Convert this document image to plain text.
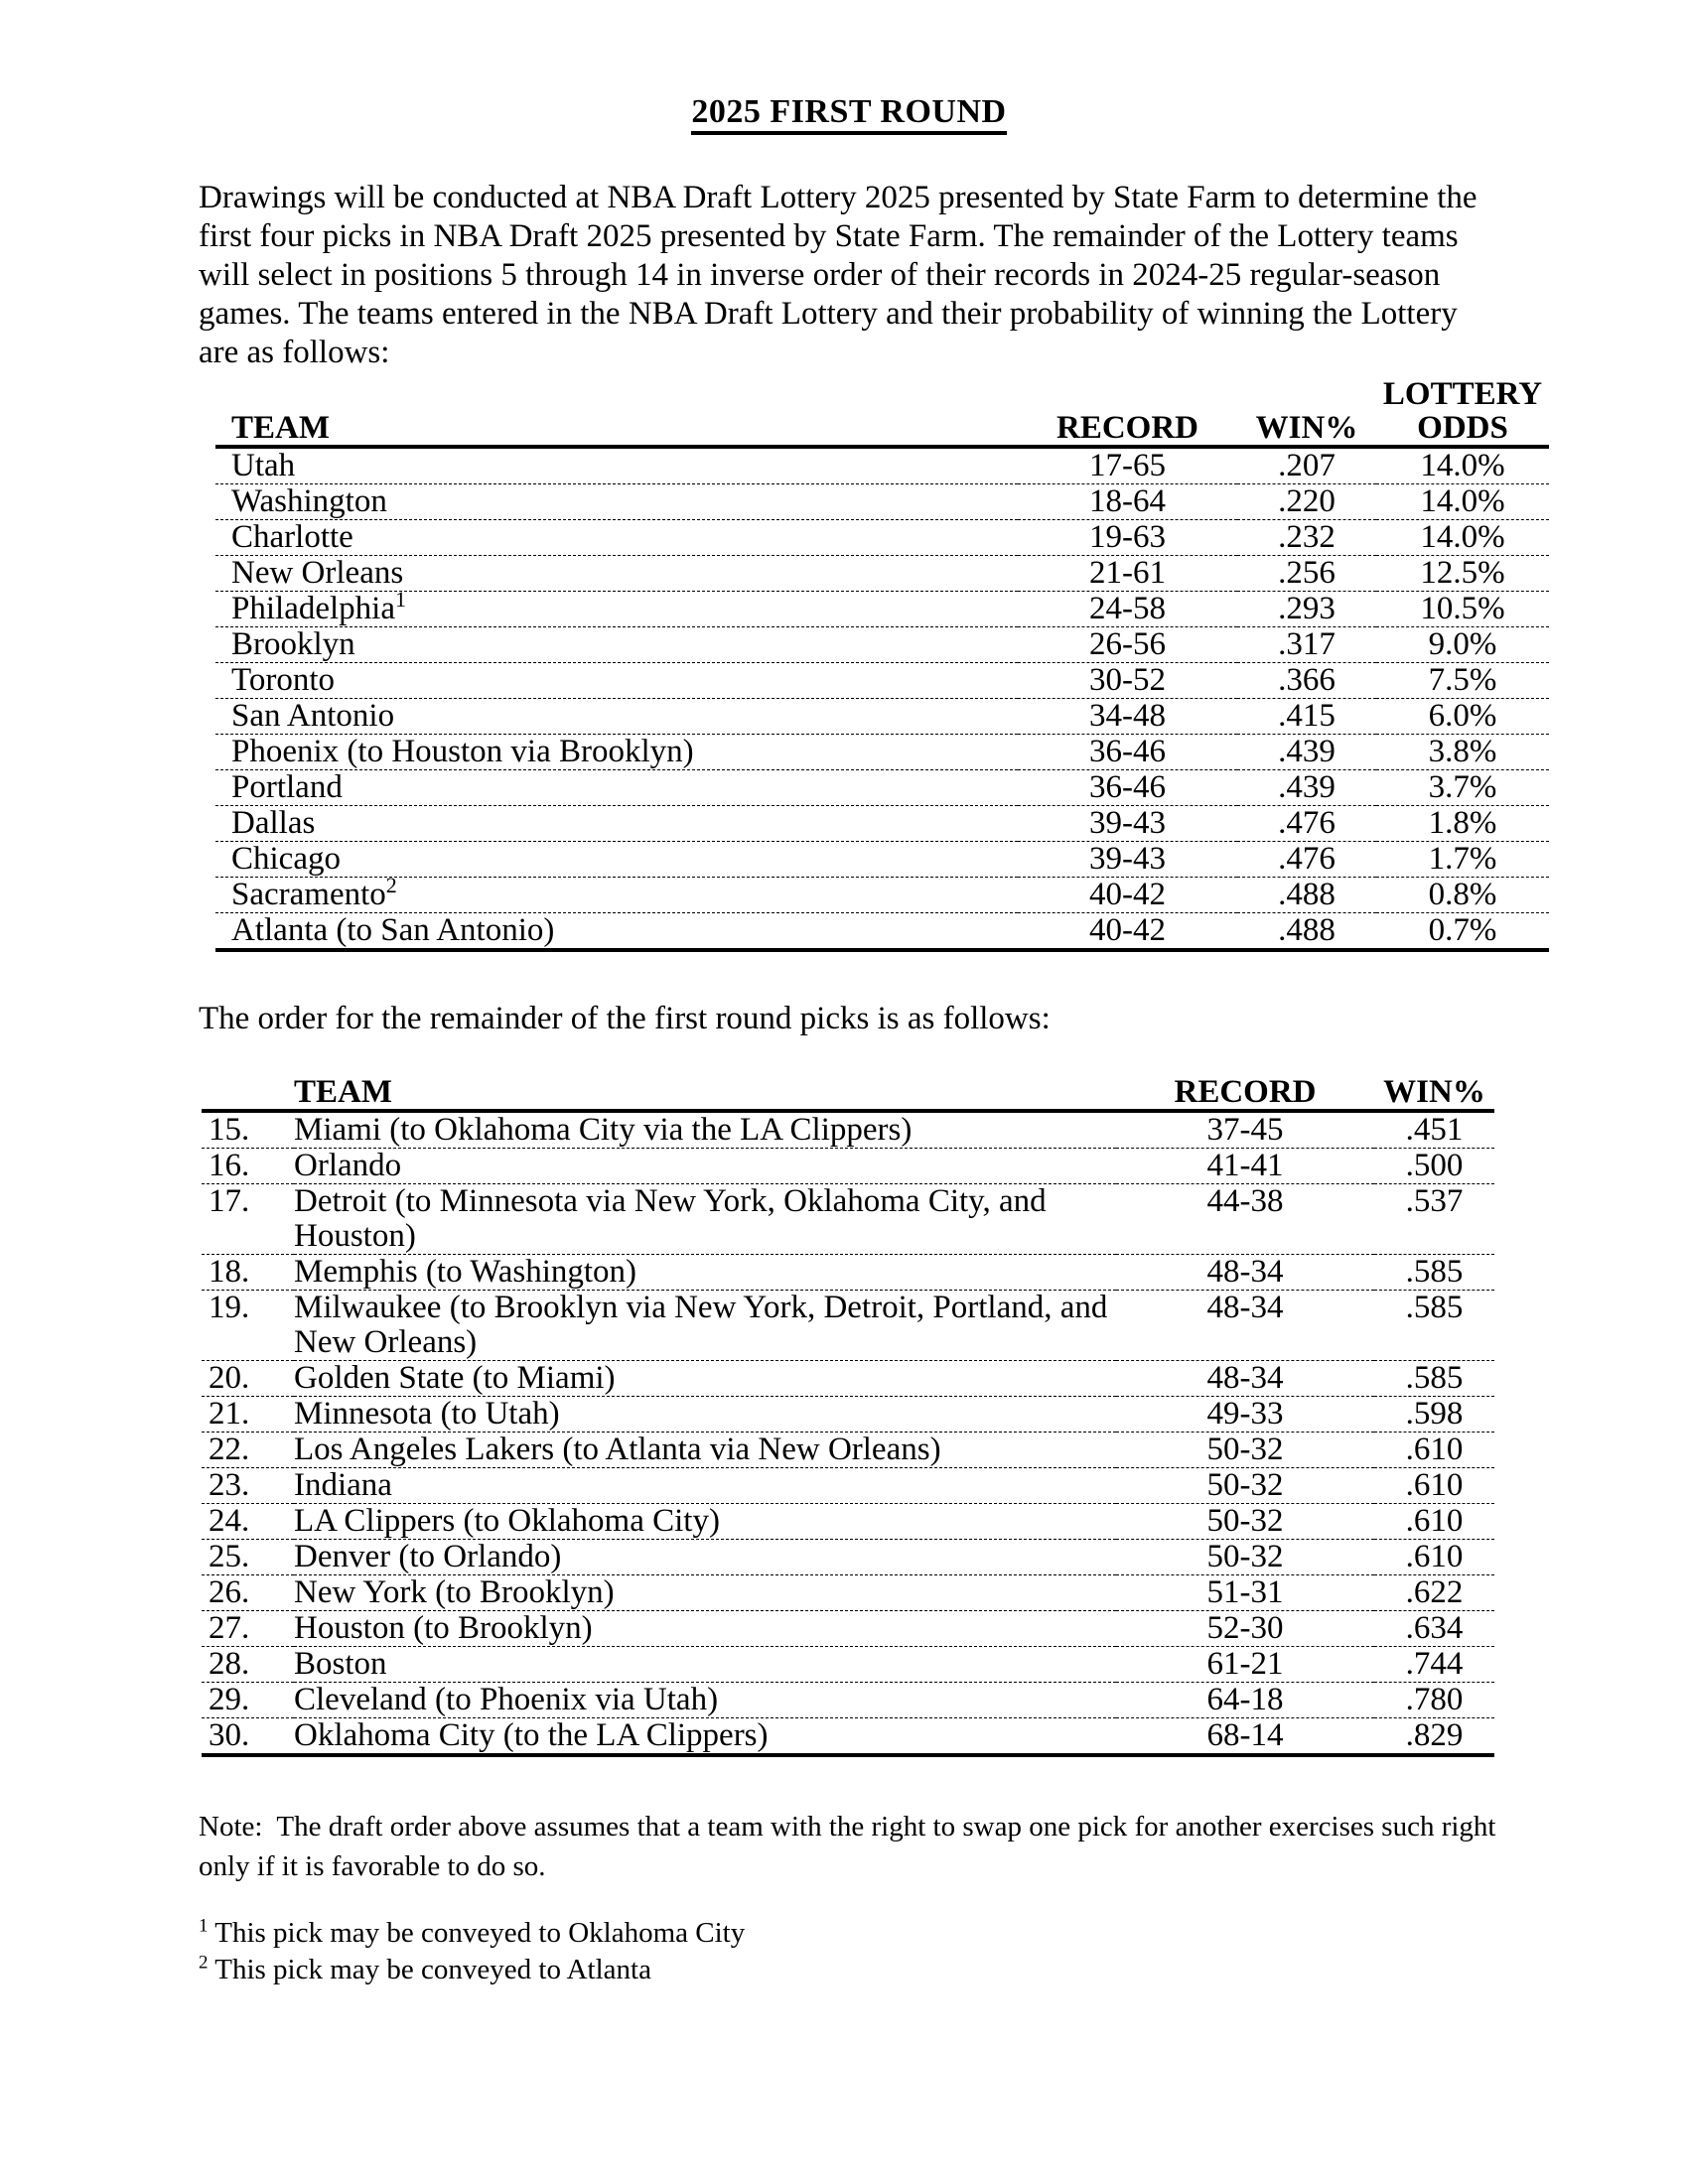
2025 FIRST ROUND

Drawings will be conducted at NBA Draft Lottery 2025 presented by State Farm to determine the first four picks in NBA Draft 2025 presented by State Farm. The remainder of the Lottery teams will select in positions 5 through 14 in inverse order of their records in 2024-25 regular-season games. The teams entered in the NBA Draft Lottery and their probability of winning the Lottery are as follows:

TEAM	RECORD	WIN%	LOTTERY
ODDS

Utah	17-65	.207	14.0%
Washington	18-64	.220	14.0%
Charlotte	19-63	.232	14.0%
New Orleans	21-61	.256	12.5%
Philadelphia$^1$	24-58	.293	10.5%
Brooklyn	26-56	.317	9.0%
Toronto	30-52	.366	7.5%
San Antonio	34-48	.415	6.0%
Phoenix (to Houston via Brooklyn)	36-46	.439	3.8%
Portland	36-46	.439	3.7%
Dallas	39-43	.476	1.8%
Chicago	39-43	.476	1.7%
Sacramento$^2$	40-42	.488	0.8%
Atlanta (to San Antonio)	40-42	.488	0.7%

The order for the remainder of the first round picks is as follows:

	TEAM	RECORD	WIN%
15.	Miami (to Oklahoma City via the LA Clippers)	37-45	.451
16.	Orlando	41-41	.500
17.	Detroit (to Minnesota via New York, Oklahoma City, and Houston)	44-38	.537
18.	Memphis (to Washington)	48-34	.585
19.	Milwaukee (to Brooklyn via New York, Detroit, Portland, and New Orleans)	48-34	.585
20.	Golden State (to Miami)	48-34	.585
21.	Minnesota (to Utah)	49-33	.598
22.	Los Angeles Lakers (to Atlanta via New Orleans)	50-32	.610
23.	Indiana	50-32	.610
24.	LA Clippers (to Oklahoma City)	50-32	.610
25.	Denver (to Orlando)	50-32	.610
26.	New York (to Brooklyn)	51-31	.622
27.	Houston (to Brooklyn)	52-30	.634
28.	Boston	61-21	.744
29.	Cleveland (to Phoenix via Utah)	64-18	.780
30.	Oklahoma City (to the LA Clippers)	68-14	.829

Note:  The draft order above assumes that a team with the right to swap one pick for another exercises such right only if it is favorable to do so.

$^1$ This pick may be conveyed to Oklahoma City

$^2$ This pick may be conveyed to Atlanta
